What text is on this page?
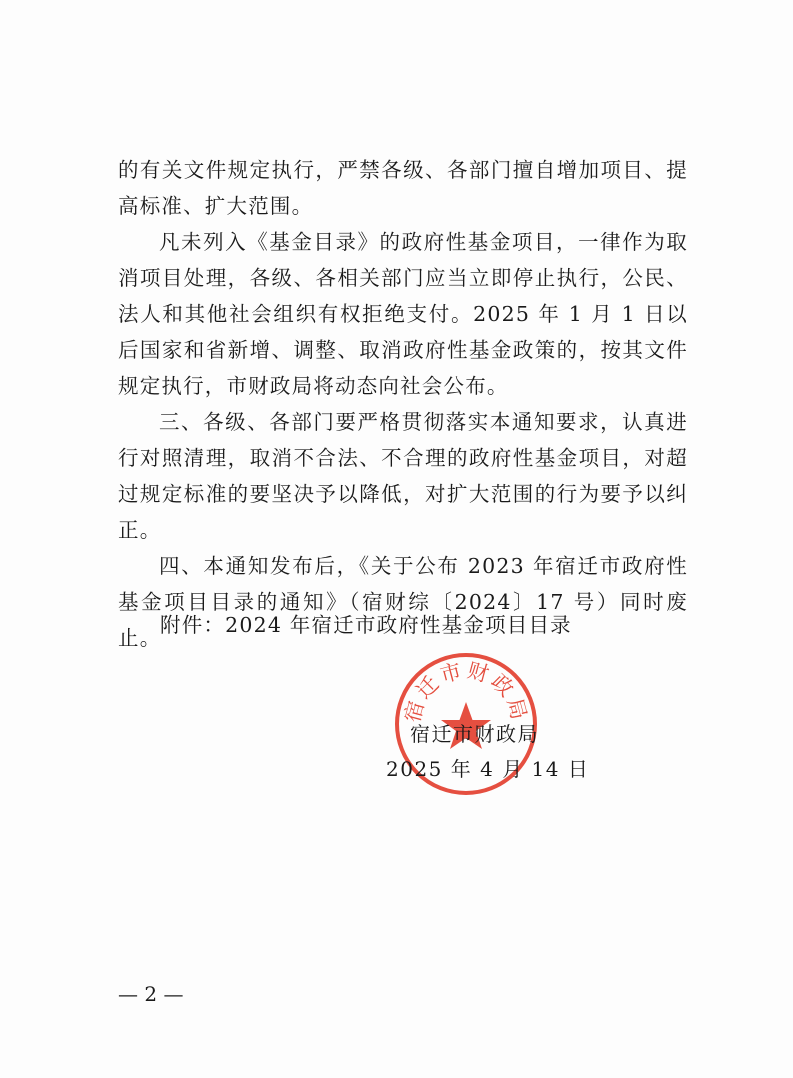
的有关文件规定执行，严禁各级、各部门擅自增加项目、提高标准、扩大范围。

凡未列入《基金目录》的政府性基金项目，一律作为取消项目处理，各级、各相关部门应当立即停止执行，公民、法人和其他社会组织有权拒绝支付。2025 年 1 月 1 日以后国家和省新增、调整、取消政府性基金政策的，按其文件规定执行，市财政局将动态向社会公布。

三、各级、各部门要严格贯彻落实本通知要求，认真进行对照清理，取消不合法、不合理的政府性基金项目，对超过规定标准的要坚决予以降低，对扩大范围的行为要予以纠正。

四、本通知发布后，《关于公布 2023 年宿迁市政府性基金项目目录的通知》（宿财综〔2024〕17 号）同时废止。

附件：2024 年宿迁市政府性基金项目目录
宿迁市财政局
宿迁市财政局
2025 年 4 月 14 日
— 2 —
